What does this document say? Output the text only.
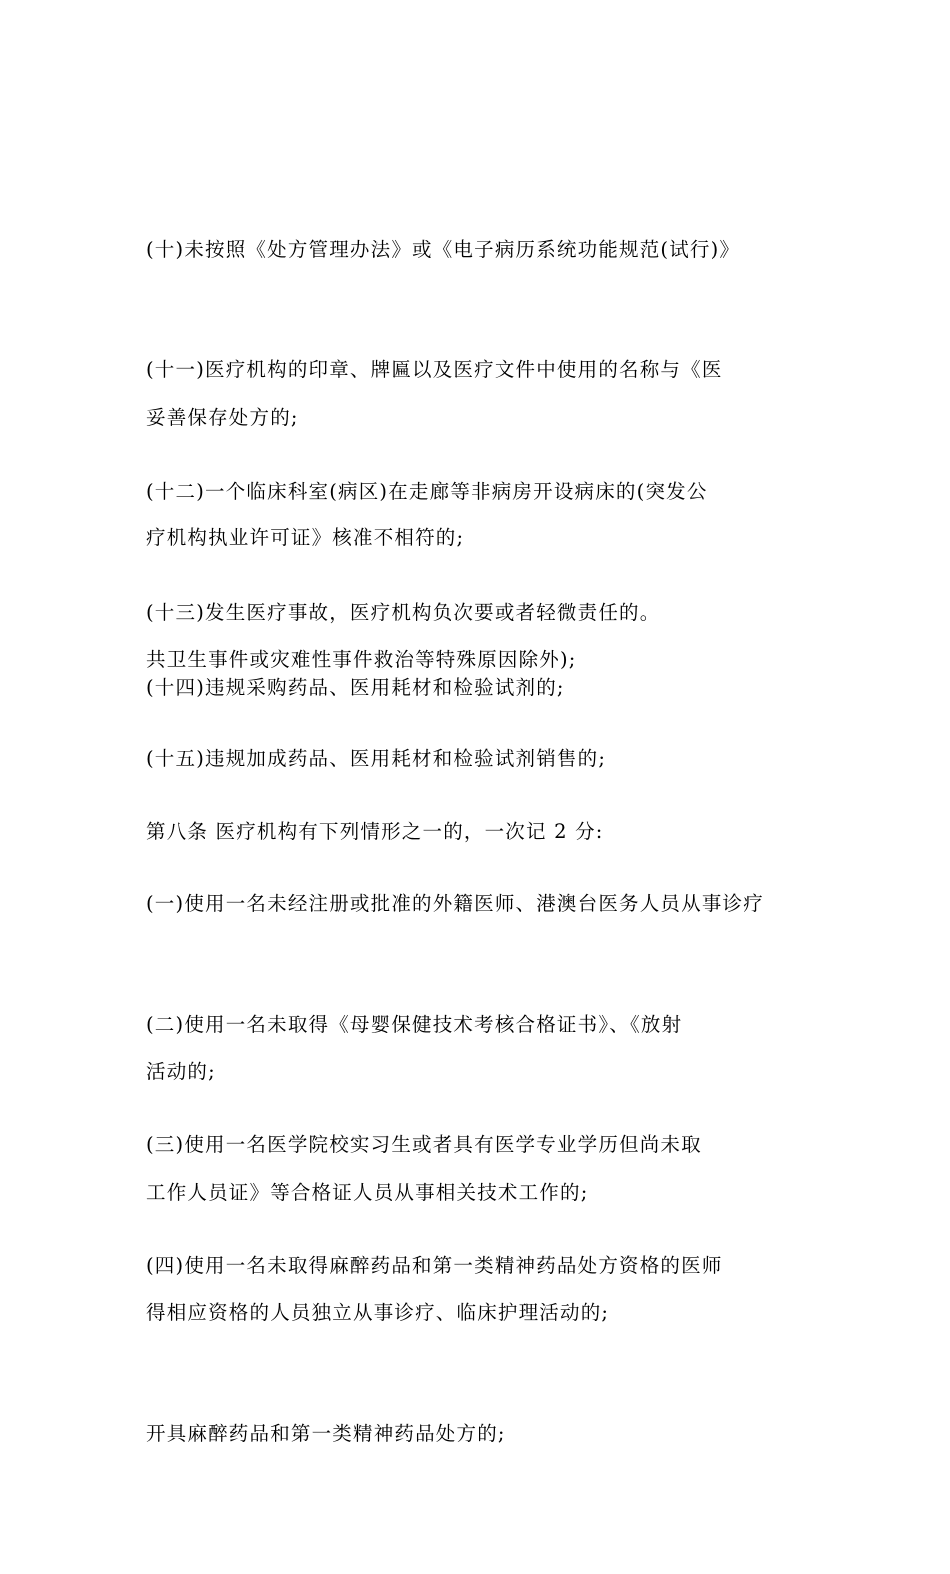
(十)未按照《处方管理办法》或《电子病历系统功能规范(试行)》

妥善保存处方的;

(十一)医疗机构的印章、牌匾以及医疗文件中使用的名称与《医

疗机构执业许可证》核准不相符的;

(十二)一个临床科室(病区)在走廊等非病房开设病床的(突发公

共卫生事件或灾难性事件救治等特殊原因除外);

(十三)发生医疗事故，医疗机构负次要或者轻微责任的。

(十四)违规采购药品、医用耗材和检验试剂的;

(十五)违规加成药品、医用耗材和检验试剂销售的;

第八条 医疗机构有下列情形之一的，一次记 2 分:

(一)使用一名未经注册或批准的外籍医师、港澳台医务人员从事诊疗

活动的;

(二)使用一名未取得《母婴保健技术考核合格证书》、《放射

工作人员证》等合格证人员从事相关技术工作的;

(三)使用一名医学院校实习生或者具有医学专业学历但尚未取

得相应资格的人员独立从事诊疗、临床护理活动的;

(四)使用一名未取得麻醉药品和第一类精神药品处方资格的医师

开具麻醉药品和第一类精神药品处方的;
